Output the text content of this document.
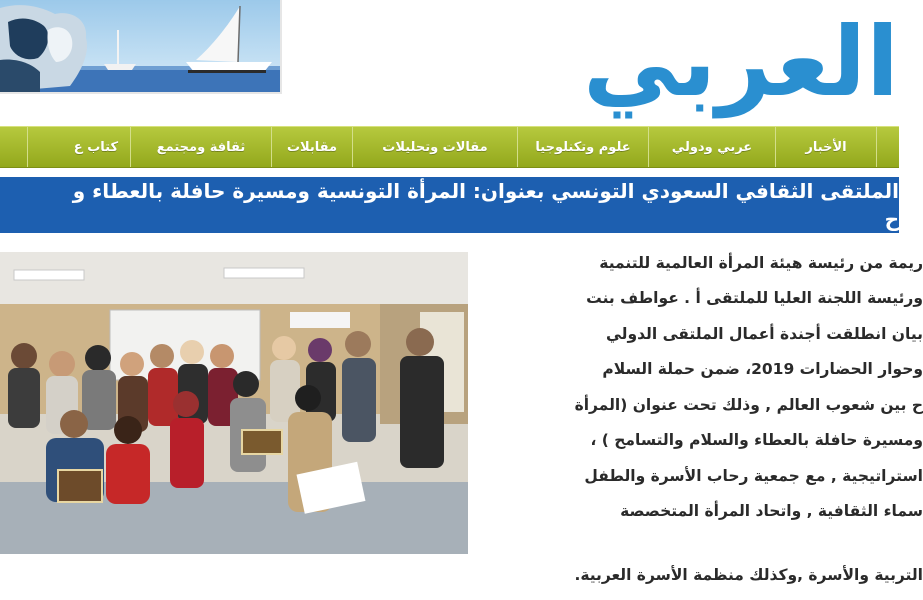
العربي
الأخبار
عربي ودولي
علوم وتكنلوجيا
مقالات وتحليلات
مقابلات
ثقافة ومجتمع
كتاب ع
الملتقى الثقافي السعودي التونسي بعنوان: المرأة التونسية ومسيرة حافلة بالعطاء و
ح

ريمة من رئيسة هيئة المرأة العالمية للتنمية

ورئيسة اللجنة العليا للملتقى أ . عواطف بنت

بيان انطلقت أجندة أعمال الملتقى الدولي

وحوار الحضارات 2019، ضمن حملة السلام

ح بين شعوب العالم , وذلك تحت عنوان (المرأة

ومسيرة حافلة بالعطاء والسلام والتسامح ) ،

استراتيجية , مع جمعية رحاب الأسرة والطفل

سماء الثقافية , واتحاد المرأة المتخصصة

التربية والأسرة ,وكذلك منظمة الأسرة العربية.
